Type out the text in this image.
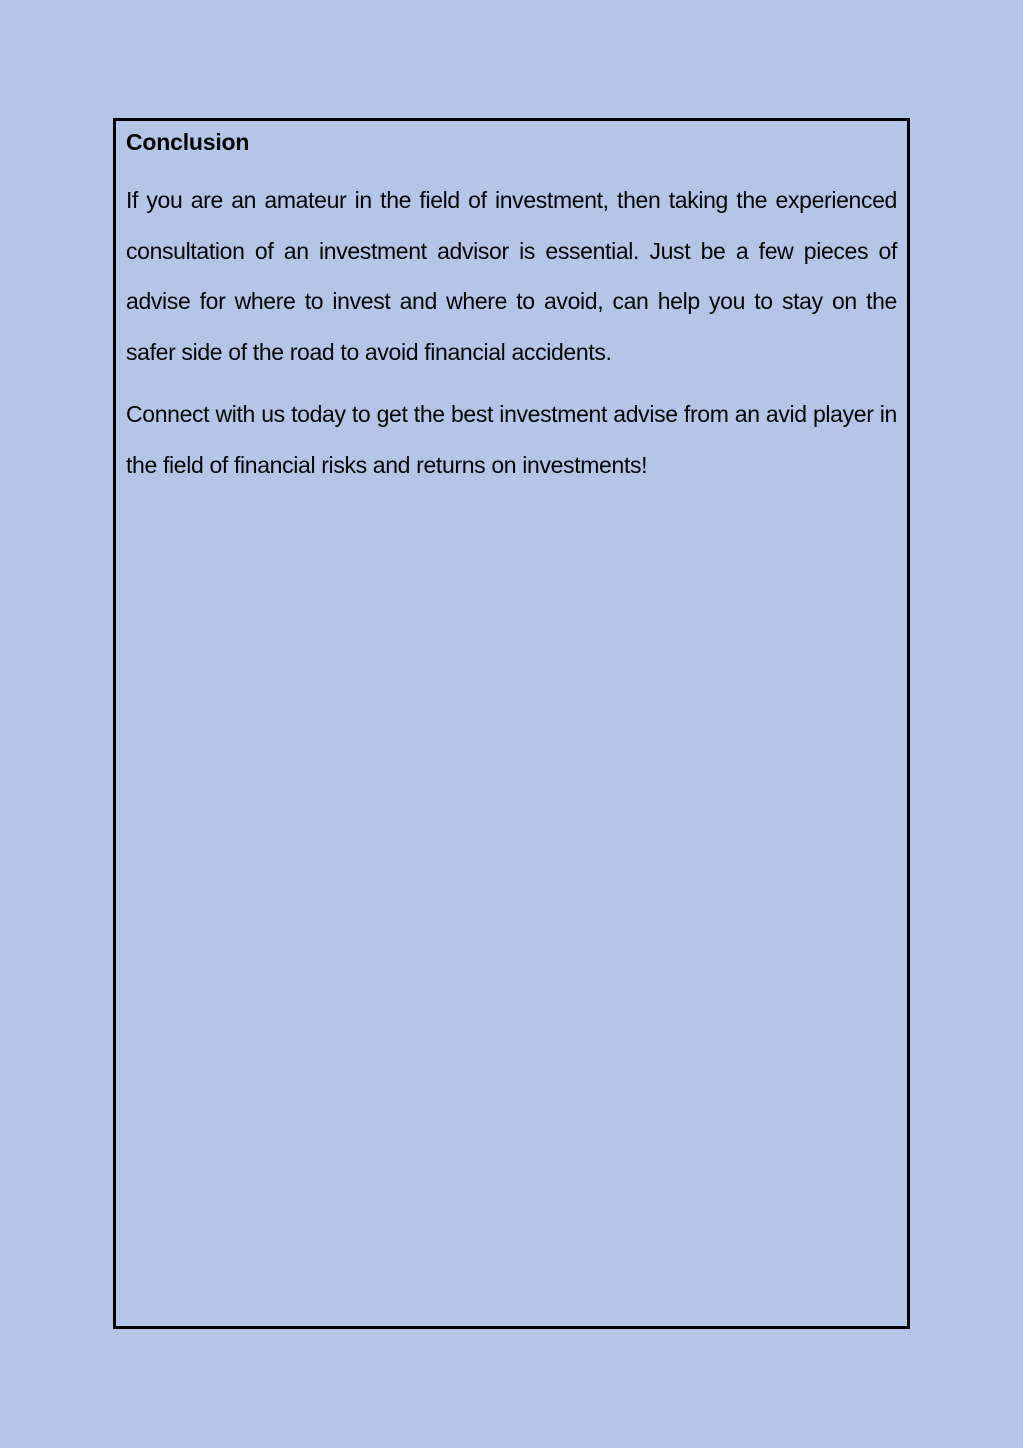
Conclusion

If you are an amateur in the field of investment, then taking the experienced consultation of an investment advisor is essential. Just be a few pieces of advise for where to invest and where to avoid, can help you to stay on the safer side of the road to avoid financial accidents.

Connect with us today to get the best investment advise from an avid player in the field of financial risks and returns on investments!
